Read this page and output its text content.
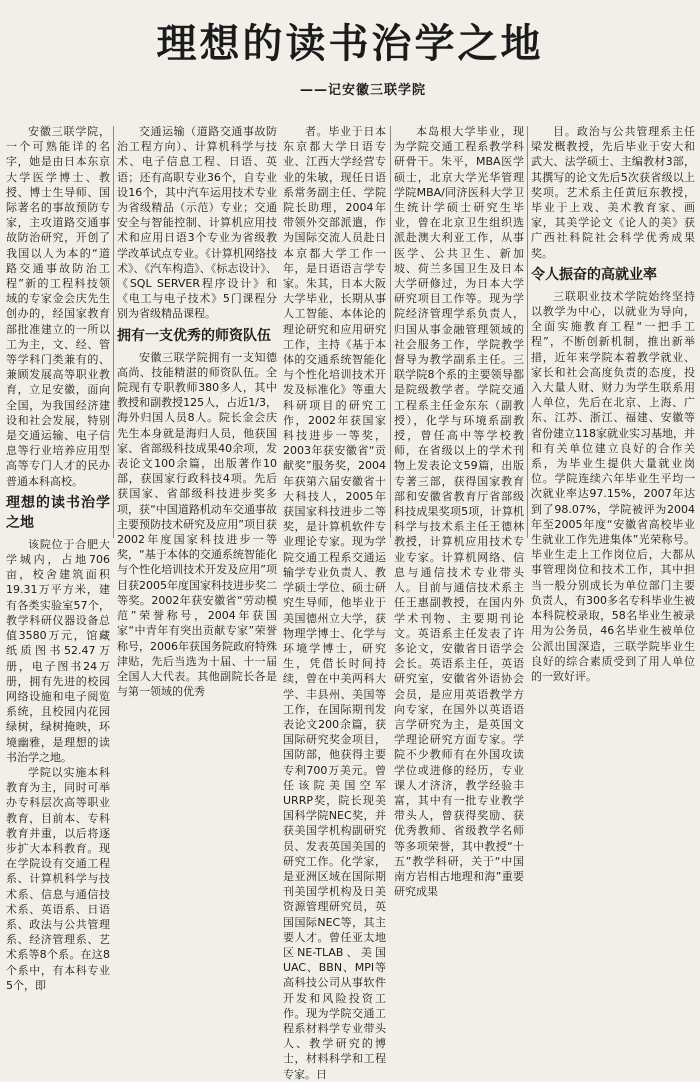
理想的读书治学之地
——记安徽三联学院

安徽三联学院，一个可熟能详的名字，她是由日本东京大学医学博士、教授、博士生导师、国际著名的事故预防专家，主攻道路交通事故防治研究，开创了我国以人为本的“道路交通事故防治工程”新的工程科技领域的专家金会庆先生创办的，经国家教育部批准建立的一所以工为主，文、经、管等学科门类兼有的、兼顾发展高等职业教育，立足安徽，面向全国，为我国经济建设和社会发展，特别是交通运输、电子信息等行业培养应用型高等专门人才的民办普通本科高校。

理想的读书治学之地

该院位于合肥大学城内，占地706亩，校舍建筑面积19.31万平方米，建有各类实验室57个，教学科研仪器设备总值3580万元，馆藏纸质图书52.47万册，电子图书24万册，拥有先进的校园网络设施和电子阅览系统，且校园内花园绿树，绿树掩映，环境幽雅，是理想的读书治学之地。

学院以实施本科教育为主，同时可举办专科层次高等职业教育，目前本、专科教育并重，以后将逐步扩大本科教育。现在学院设有交通工程系、计算机科学与技术系、信息与通信技术系、英语系、日语系、政法与公共管理系、经济管理系、艺术系等8个系。在这8个系中，有本科专业5个，即

交通运输（道路交通事故防治工程方向）、计算机科学与技术、电子信息工程、日语、英语；还有高职专业36个，自专业设16个，其中汽车运用技术专业为省级精品（示范）专业；交通安全与智能控制、计算机应用技术和应用日语3个专业为省级教学改革试点专业。《计算机网络技术》、《汽车构造》、《标志设计》、《SQL SERVER程序设计》和《电工与电子技术》5门课程分别为省级精品课程。

拥有一支优秀的师资队伍

安徽三联学院拥有一支知德高尚、技能精湛的师资队伍。全院现有专职教师380多人，其中教授和副教授125人，占近1/3，海外归国人员8人。院长金会庆先生本身就是海归人员，他获国家、省部级科技成果40余项，发表论文100余篇，出版著作10部，获国家行政科技4项。先后获国家、省部级科技进步奖多项，获“中国道路机动车交通事故主要预防技术研究及应用”项目获2002年度国家科技进步一等奖，“基于本体的交通系统智能化与个性化培训技术开发及应用”项目获2005年度国家科技进步奖二等奖。2002年获安徽省“劳动模范”荣誉称号，2004年获国家“中青年有突出贡献专家”荣誉称号，2006年获国务院政府特殊津贴，先后当选为十届、十一届全国人大代表。其他副院长各是与第一领域的优秀

者。毕业于日本东京都大学日语专业、江西大学经营专业的朱敏，现任日语系常务副主任、学院院长助理，2004年带领外交部派遣，作为国际交流人员赴日本京都大学工作一年，是日语语言学专家。朱其，日本大阪大学毕业，长期从事人工智能、本体论的理论研究和应用研究工作，主持《基于本体的交通系统智能化与个性化培训技术开发及标准化》等重大科研项目的研究工作，2002年获国家科技进步一等奖，2003年获安徽省“贡献奖”服务奖，2004年获第六届安徽省十大科技人，2005年获国家科技进步二等奖，是计算机软件专业理论专家。现为学院交通工程系交通运输学专业负责人、教学硕士学位、硕士研究生导师，他毕业于美国德州立大学，获物理学博士、化学与环境学博士，研究生，凭借长时间持续，曾在中美两科大学、丰县州、美国等工作，在国际期刊发表论文200余篇，获国际研究奖金项目，国防部，他获得主要专利700万美元。曾任该院美国空军URRP奖，院长现美国科学院NEC奖，并获美国学机构副研究员、发表英国美国的研究工作。化学家，是亚洲区域在国际期刊美国学机构及日美资源管理研究员，英国国际NEC等，其主要人才。曾任亚太地区NE-TLAB、美国UAC、BBN、MPI等高科技公司从事软件开发和风险投资工作。现为学院交通工程系材料学专业带头人、教学研究的博士，材料科学和工程专家。日

本岛根大学毕业，现为学院交通工程系教学科研骨干。朱平，MBA医学硕士，北京大学光华管理学院MBA/同济医科大学卫生统计学硕士研究生毕业，曾在北京卫生组织选派赴澳大利亚工作，从事医学、公共卫生、新加坡、荷兰多国卫生及日本大学研修过，为日本大学研究项目工作等。现为学院经济管理学系负责人，归国从事金融管理领域的社会服务工作，学院教学督导为教学副系主任。三联学院8个系的主要领导都是院级教学者。学院交通工程系主任金东东（副教授），化学与环境系副教授，曾任高中等学校教师，在省级以上的学术刊物上发表论文59篇，出版专著三部，获得国家教育部和安徽省教育厅省部级科技成果奖项5项，计算机科学与技术系主任王德林教授，计算机应用技术专业专家。计算机网络、信息与通信技术专业带头人。目前与通信技术系主任王惠副教授，在国内外学术刊物、主要期刊论文。英语系主任发表了许多论文，安徽省日语学会会长。英语系主任，英语研究室，安徽省外语协会会员，是应用英语教学方向专家，在国外以英语语言学研究为主，是英国文学理论研究方面专家。学院不少教师有在外国攻读学位或进修的经历，专业课人才济济，教学经验丰富，其中有一批专业教学带头人，曾获得奖励、获优秀教师、省级教学名师等多项荣誉，其中教授“十五”教学科研，关于“中国南方岩相古地理和海”重要研究成果

目。政治与公共管理系主任梁发概教授，先后毕业于安大和武大、法学硕士、主编教材3部，其撰写的论文先后5次获省级以上奖项。艺术系主任黄厄东教授，毕业于上戏、美术教育家、画家，其美学论文《论人的美》获广西社科院社会科学优秀成果奖。

令人振奋的高就业率

三联职业技术学院始终坚持以教学为中心，以就业为导向，全面实施教育工程“一把手工程”，不断创新机制，推出新举措，近年来学院本着教学就业、家长和社会高度负责的态度，投入大量人财、财力为学生联系用人单位，先后在北京、上海、广东、江苏、浙江、福建、安徽等省份建立118家就业实习基地，并和有关单位建立良好的合作关系，为毕业生提供大量就业岗位。学院连续六年毕业生平均一次就业率达97.15%，2007年达到了98.07%，学院被评为2004年至2005年度“安徽省高校毕业生就业工作先进集体”光荣称号。毕业生走上工作岗位后，大都从事管理岗位和技术工作，其中担当一般分别成长为单位部门主要负责人，有300多名专科毕业生被本科院校录取，58名毕业生被录用为公务员，46名毕业生被单位公派出国深造，三联学院毕业生良好的综合素质受到了用人单位的一致好评。
